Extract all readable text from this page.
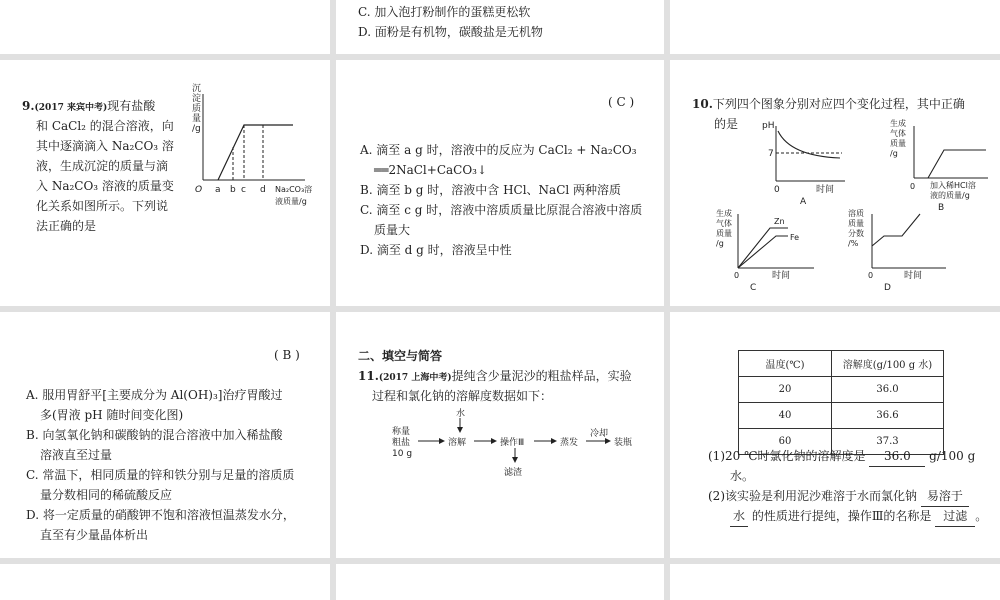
C. 加入泡打粉制作的蛋糕更松软
D. 面粉是有机物，碳酸盐是无机物
9.(2017 来宾中考)现有盐酸
和 CaCl₂ 的混合溶液，向
其中逐滴滴入 Na₂CO₃ 溶
液，生成沉淀的质量与滴
入 Na₂CO₃ 溶液的质量变
化关系如图所示。下列说
法正确的是
沉
淀
质
量
/g
O a b c d Na₂CO₃溶
液质量/g
( C )
A. 滴至 a g 时，溶液中的反应为 CaCl₂ + Na₂CO₃
══2NaCl+CaCO₃↓
B. 滴至 b g 时，溶液中含 HCl、NaCl 两种溶质
C. 滴至 c g 时，溶液中溶质质量比原混合溶液中溶质
质量大
D. 滴至 d g 时，溶液呈中性
10.下列四个图象分别对应四个变化过程，其中正确
的是	pH
7
0	时间
A
生成
气体
质量
/g
0 加入稀HCl溶
液的质量/g
B
生成
气体
质量
/g
Zn
Fe
0	时间
C
溶质
质量
分数
/%
0	时间
D
( B )
A. 服用胃舒平[主要成分为 Al(OH)₃]治疗胃酸过
多(胃液 pH 随时间变化图)
B. 向氢氧化钠和碳酸钠的混合溶液中加入稀盐酸
溶液直至过量
C. 常温下，相同质量的锌和铁分别与足量的溶质质
量分数相同的稀硫酸反应
D. 将一定质量的硝酸钾不饱和溶液恒温蒸发水分，
直至有少量晶体析出
二、填空与简答
11.(2017 上海中考)提纯含少量泥沙的粗盐样品，实验
过程和氯化钠的溶解度数据如下：
称量
粗盐
10 g
水
溶解	操作Ⅲ
滤渣
蒸发
冷却
装瓶
温度(℃)	溶解度(g/100 g 水)
20	36.0
40	36.6
60	37.3
(1)20 ℃时氯化钠的溶解度是 36.0 g/100 g
水。
(2)该实验是利用泥沙难溶于水而氯化钠 易溶于
水 的性质进行提纯，操作Ⅲ的名称是 过滤 。
